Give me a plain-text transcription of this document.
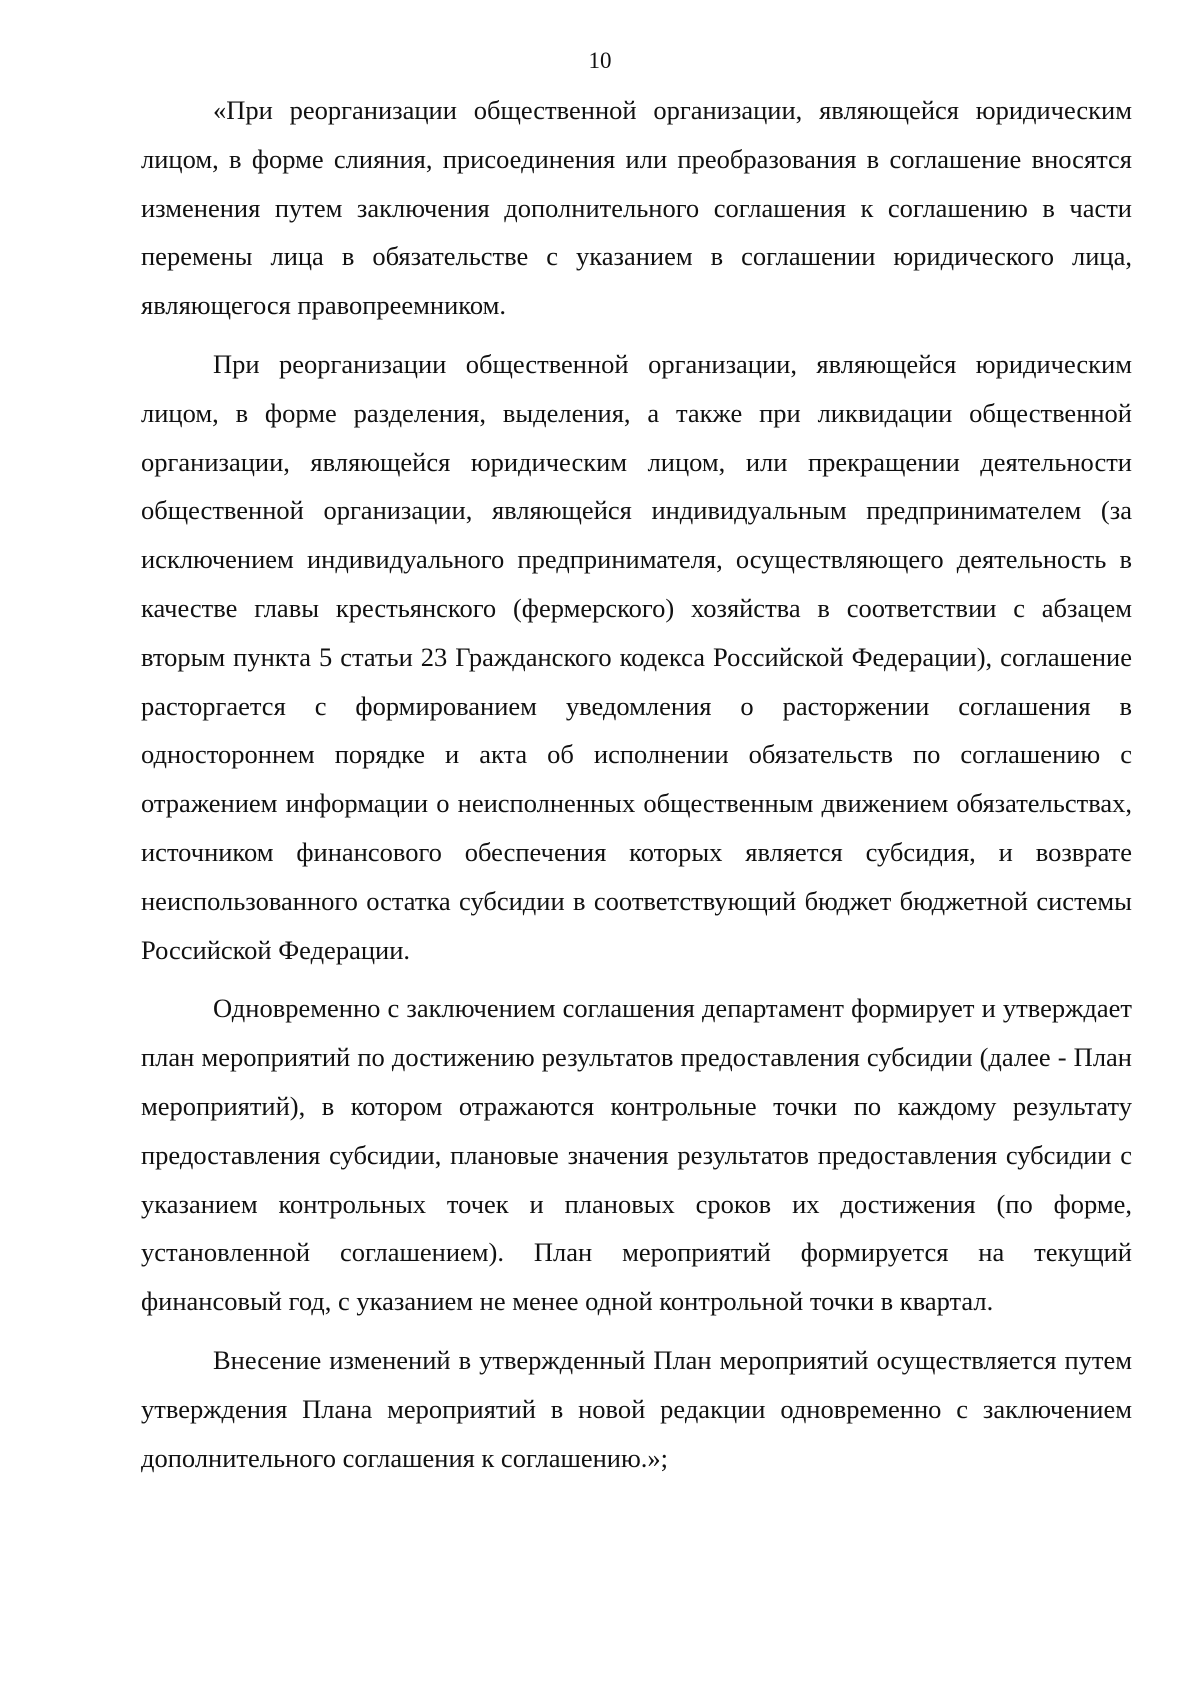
10

«При реорганизации общественной организации, являющейся юридическим лицом, в форме слияния, присоединения или преобразования в соглашение вносятся изменения путем заключения дополнительного соглашения к соглашению в части перемены лица в обязательстве с указанием в соглашении юридического лица, являющегося правопреемником.

При реорганизации общественной организации, являющейся юридическим лицом, в форме разделения, выделения, а также при ликвидации общественной организации, являющейся юридическим лицом, или прекращении деятельности общественной организации, являющейся индивидуальным предпринимателем (за исключением индивидуального предпринимателя, осуществляющего деятельность в качестве главы крестьянского (фермерского) хозяйства в соответствии с абзацем вторым пункта 5 статьи 23 Гражданского кодекса Российской Федерации), соглашение расторгается с формированием уведомления о расторжении соглашения в одностороннем порядке и акта об исполнении обязательств по соглашению с отражением информации о неисполненных общественным движением обязательствах, источником финансового обеспечения которых является субсидия, и возврате неиспользованного остатка субсидии в соответствующий бюджет бюджетной системы Российской Федерации.

Одновременно с заключением соглашения департамент формирует и утверждает план мероприятий по достижению результатов предоставления субсидии (далее - План мероприятий), в котором отражаются контрольные точки по каждому результату предоставления субсидии, плановые значения результатов предоставления субсидии с указанием контрольных точек и плановых сроков их достижения (по форме, установленной соглашением). План мероприятий формируется на текущий финансовый год, с указанием не менее одной контрольной точки в квартал.

Внесение изменений в утвержденный План мероприятий осуществляется путем утверждения Плана мероприятий в новой редакции одновременно с заключением дополнительного соглашения к соглашению.»;
